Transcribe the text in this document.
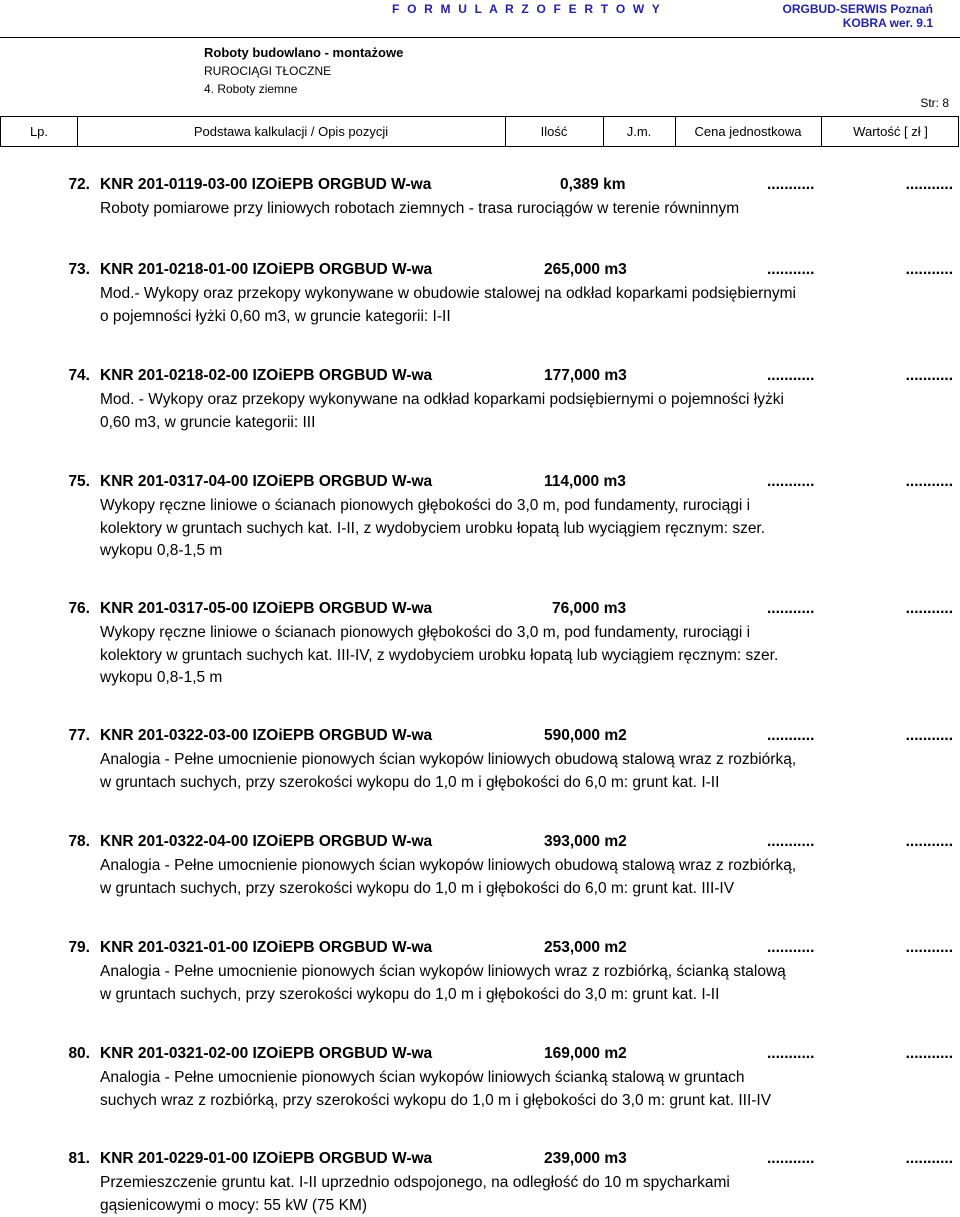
F O R M U L A R Z O F E R T O W Y	ORGBUD-SERWIS Poznań
KOBRA wer. 9.1
Roboty budowlano - montażowe
RUROCIĄGI TŁOCZNE
4. Roboty ziemne
Str: 8
Lp.	Podstawa kalkulacji / Opis pozycji	Ilość	J.m.	Cena jednostkowa	Wartość [ zł ]
72. KNR 201-0119-03-00 IZOiEPB ORGBUD W-wa	0,389 km	...........	...........
Roboty pomiarowe przy liniowych robotach ziemnych - trasa rurociągów w terenie równinnym
73. KNR 201-0218-01-00 IZOiEPB ORGBUD W-wa	265,000 m3	...........	...........
Mod.- Wykopy oraz przekopy wykonywane w obudowie stalowej na odkład koparkami podsiębiernymi o pojemności łyżki 0,60 m3, w gruncie kategorii: I-II
74. KNR 201-0218-02-00 IZOiEPB ORGBUD W-wa	177,000 m3	...........	...........
Mod. - Wykopy oraz przekopy wykonywane na odkład koparkami podsiębiernymi o pojemności łyżki 0,60 m3, w gruncie kategorii: III
75. KNR 201-0317-04-00 IZOiEPB ORGBUD W-wa	114,000 m3	...........	...........
Wykopy ręczne liniowe o ścianach pionowych głębokości do 3,0 m, pod fundamenty, rurociągi i kolektory w gruntach suchych kat. I-II, z wydobyciem urobku łopatą lub wyciągiem ręcznym: szer. wykopu 0,8-1,5 m
76. KNR 201-0317-05-00 IZOiEPB ORGBUD W-wa	76,000 m3	...........	...........
Wykopy ręczne liniowe o ścianach pionowych głębokości do 3,0 m, pod fundamenty, rurociągi i kolektory w gruntach suchych kat. III-IV, z wydobyciem urobku łopatą lub wyciągiem ręcznym: szer. wykopu 0,8-1,5 m
77. KNR 201-0322-03-00 IZOiEPB ORGBUD W-wa	590,000 m2	...........	...........
Analogia - Pełne umocnienie pionowych ścian wykopów liniowych obudową stalową wraz z rozbiórką, w gruntach suchych, przy szerokości wykopu do 1,0 m i głębokości do 6,0 m: grunt kat. I-II
78. KNR 201-0322-04-00 IZOiEPB ORGBUD W-wa	393,000 m2	...........	...........
Analogia - Pełne umocnienie pionowych ścian wykopów liniowych obudową stalową wraz z rozbiórką, w gruntach suchych, przy szerokości wykopu do 1,0 m i głębokości do 6,0 m: grunt kat. III-IV
79. KNR 201-0321-01-00 IZOiEPB ORGBUD W-wa	253,000 m2	...........	...........
Analogia - Pełne umocnienie pionowych ścian wykopów liniowych wraz z rozbiórką, ścianką stalową w gruntach suchych, przy szerokości wykopu do 1,0 m i głębokości do 3,0 m: grunt kat. I-II
80. KNR 201-0321-02-00 IZOiEPB ORGBUD W-wa	169,000 m2	...........	...........
Analogia - Pełne umocnienie pionowych ścian wykopów liniowych ścianką stalową w gruntach suchych wraz z rozbiórką, przy szerokości wykopu do 1,0 m i głębokości do 3,0 m: grunt kat. III-IV
81. KNR 201-0229-01-00 IZOiEPB ORGBUD W-wa	239,000 m3	...........	...........
Przemieszczenie gruntu kat. I-II uprzednio odspojonego, na odległość do 10 m spycharkami gąsienicowymi o mocy: 55 kW (75 KM)
